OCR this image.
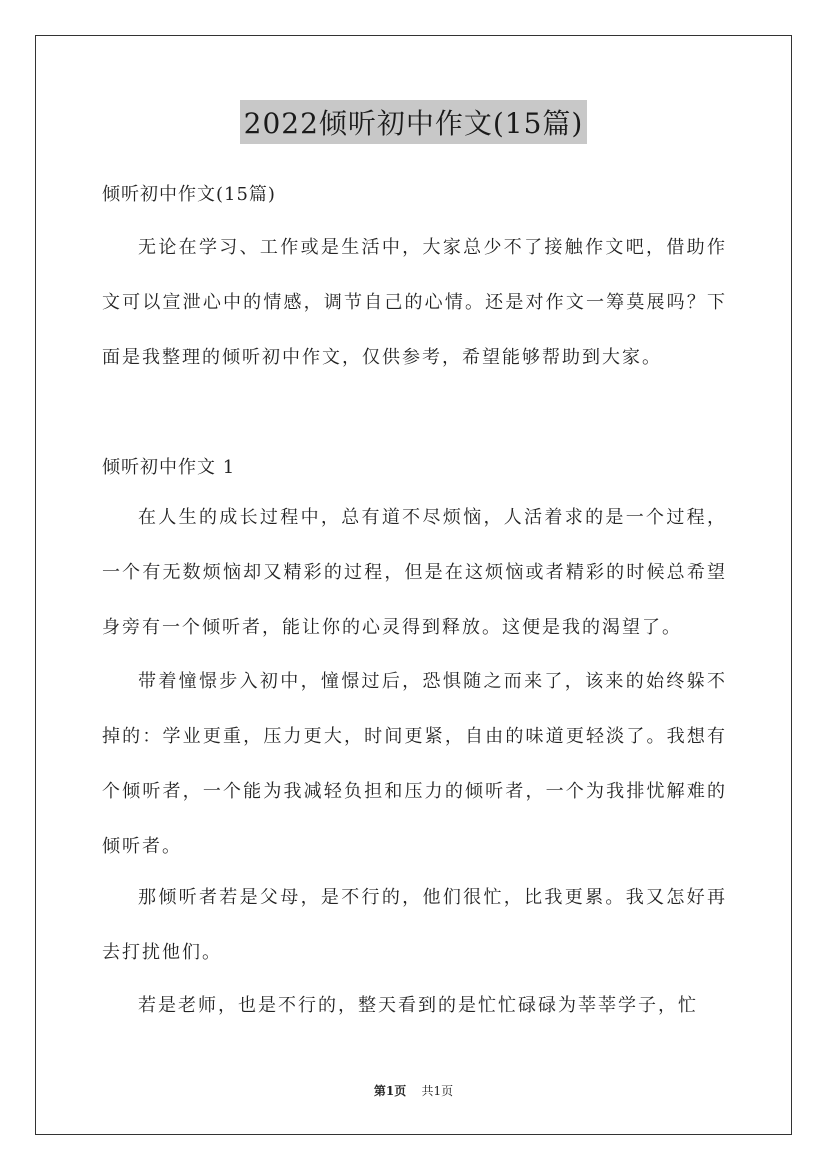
2022倾听初中作文(15篇)

倾听初中作文(15篇)

无论在学习、工作或是生活中，大家总少不了接触作文吧，借助作文可以宣泄心中的情感，调节自己的心情。还是对作文一筹莫展吗？下面是我整理的倾听初中作文，仅供参考，希望能够帮助到大家。

倾听初中作文 1

在人生的成长过程中，总有道不尽烦恼，人活着求的是一个过程，一个有无数烦恼却又精彩的过程，但是在这烦恼或者精彩的时候总希望身旁有一个倾听者，能让你的心灵得到释放。这便是我的渴望了。

带着憧憬步入初中，憧憬过后，恐惧随之而来了，该来的始终躲不掉的：学业更重，压力更大，时间更紧，自由的味道更轻淡了。我想有个倾听者，一个能为我减轻负担和压力的倾听者，一个为我排忧解难的倾听者。

那倾听者若是父母，是不行的，他们很忙，比我更累。我又怎好再去打扰他们。

若是老师，也是不行的，整天看到的是忙忙碌碌为莘莘学子，忙

第1页 共1页
